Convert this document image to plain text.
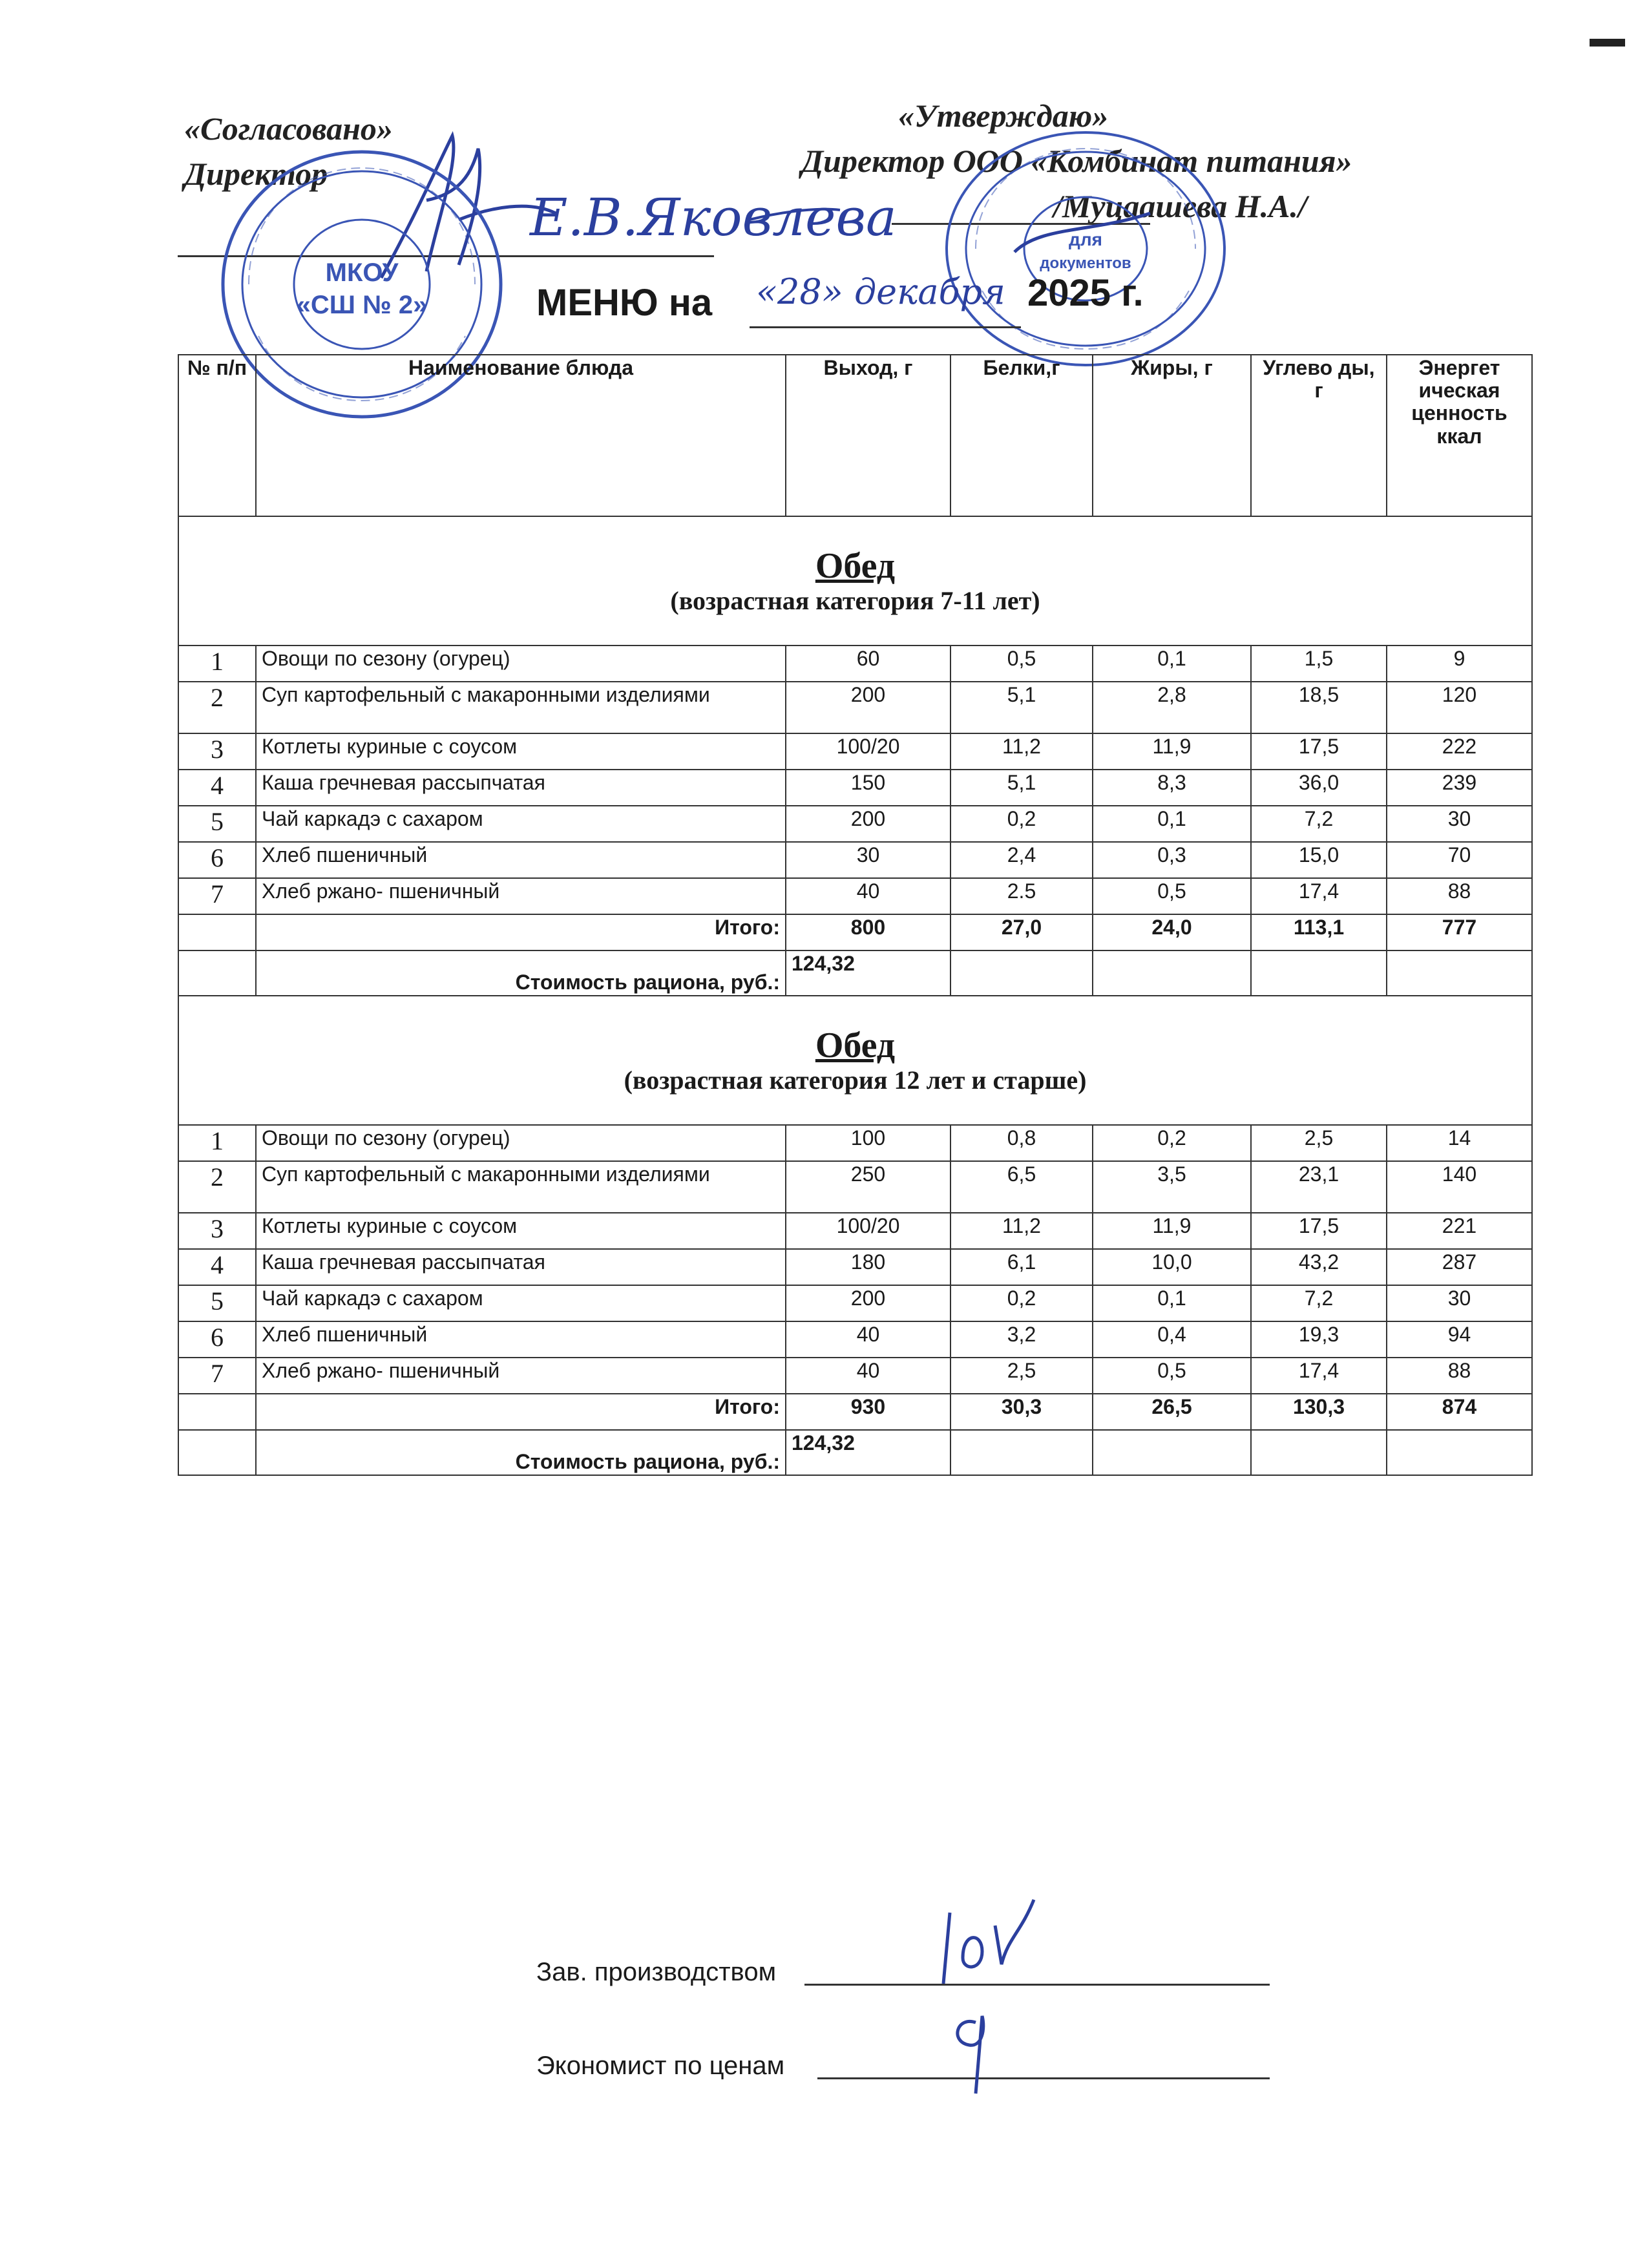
«Согласовано»
Директор
Е.В.Яковлева
«Утверждаю»
Директор ООО «Комбинат питания»
/Муцаашева Н.А./
МКОУ
«СШ № 2»
для
документов
МЕНЮ на «28» декабря 2025 г.
№ п/п	Наименование блюда	Выход, г	Белки,г	Жиры, г	Углево ды, г	Энергет ическая ценность ккал

Обед
(возрастная категория 7-11 лет)						

1	Овощи по сезону (огурец)	60	0,5	0,1	1,5	9
2	Суп картофельный с макаронными изделиями	200	5,1	2,8	18,5	120
3	Котлеты куриные с соусом	100/20	11,2	11,9	17,5	222
4	Каша гречневая рассыпчатая	150	5,1	8,3	36,0	239
5	Чай каркадэ с сахаром	200	0,2	0,1	7,2	30
6	Хлеб пшеничный	30	2,4	0,3	15,0	70
7	Хлеб ржано- пшеничный	40	2.5	0,5	17,4	88
	Итого:	800	27,0	24,0	113,1	777
	Стоимость рациона, руб.:	124,32				

Обед
(возрастная категория 12 лет и старше)						

1	Овощи по сезону (огурец)	100	0,8	0,2	2,5	14
2	Суп картофельный с макаронными изделиями	250	6,5	3,5	23,1	140
3	Котлеты куриные с соусом	100/20	11,2	11,9	17,5	221
4	Каша гречневая рассыпчатая	180	6,1	10,0	43,2	287
5	Чай каркадэ с сахаром	200	0,2	0,1	7,2	30
6	Хлеб пшеничный	40	3,2	0,4	19,3	94
7	Хлеб ржано- пшеничный	40	2,5	0,5	17,4	88
	Итого:	930	30,3	26,5	130,3	874
	Стоимость рациона, руб.:	124,32				
Зав. производством
Экономист по ценам
